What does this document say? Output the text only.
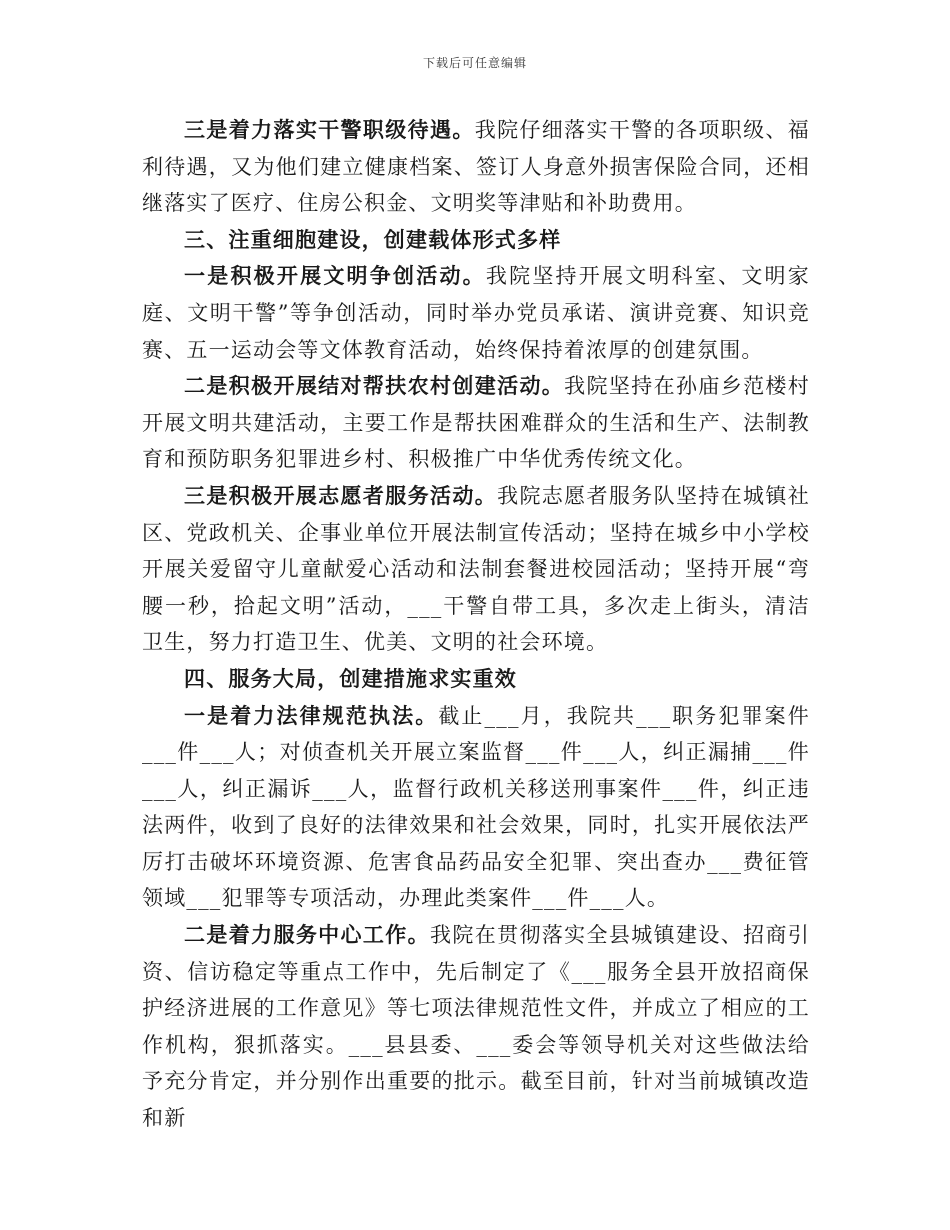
下载后可任意编辑

三是着力落实干警职级待遇。我院仔细落实干警的各项职级、福利待遇，又为他们建立健康档案、签订人身意外损害保险合同，还相继落实了医疗、住房公积金、文明奖等津贴和补助费用。

三、注重细胞建设，创建载体形式多样

一是积极开展文明争创活动。我院坚持开展文明科室、文明家庭、文明干警”等争创活动，同时举办党员承诺、演讲竞赛、知识竞赛、五一运动会等文体教育活动，始终保持着浓厚的创建氛围。

二是积极开展结对帮扶农村创建活动。我院坚持在孙庙乡范楼村开展文明共建活动，主要工作是帮扶困难群众的生活和生产、法制教育和预防职务犯罪进乡村、积极推广中华优秀传统文化。

三是积极开展志愿者服务活动。我院志愿者服务队坚持在城镇社区、党政机关、企事业单位开展法制宣传活动；坚持在城乡中小学校开展关爱留守儿童献爱心活动和法制套餐进校园活动；坚持开展“弯腰一秒，拾起文明”活动，___干警自带工具，多次走上街头，清洁卫生，努力打造卫生、优美、文明的社会环境。

四、服务大局，创建措施求实重效

一是着力法律规范执法。截止___月，我院共___职务犯罪案件___件___人；对侦查机关开展立案监督___件___人，纠正漏捕___件___人，纠正漏诉___人，监督行政机关移送刑事案件___件，纠正违法两件，收到了良好的法律效果和社会效果，同时，扎实开展依法严厉打击破坏环境资源、危害食品药品安全犯罪、突出查办___费征管领域___犯罪等专项活动，办理此类案件___件___人。

二是着力服务中心工作。我院在贯彻落实全县城镇建设、招商引资、信访稳定等重点工作中，先后制定了《___服务全县开放招商保护经济进展的工作意见》等七项法律规范性文件，并成立了相应的工作机构，狠抓落实。___县县委、___委会等领导机关对这些做法给予充分肯定，并分别作出重要的批示。截至目前，针对当前城镇改造和新
